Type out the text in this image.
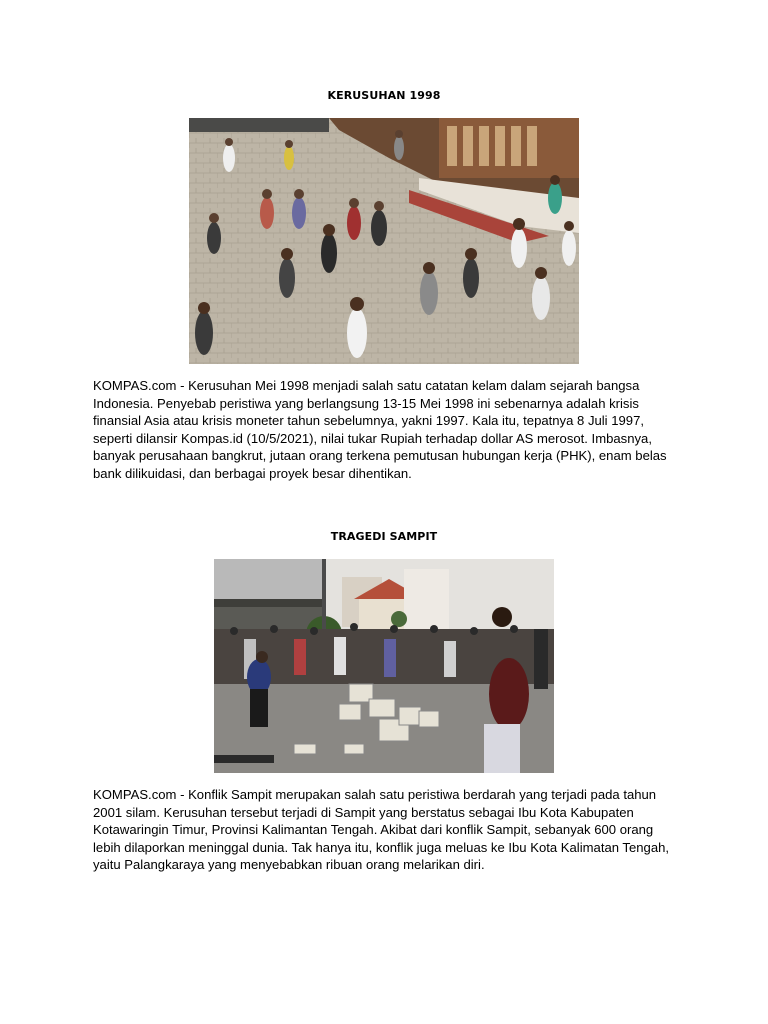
KERUSUHAN 1998
KOMPAS.com - Kerusuhan Mei 1998 menjadi salah satu catatan kelam dalam sejarah bangsa Indonesia. Penyebab peristiwa yang berlangsung 13-15 Mei 1998 ini sebenarnya adalah krisis finansial Asia atau krisis moneter tahun sebelumnya, yakni 1997. Kala itu, tepatnya 8 Juli 1997, seperti dilansir Kompas.id (10/5/2021), nilai tukar Rupiah terhadap dollar AS merosot. Imbasnya, banyak perusahaan bangkrut, jutaan orang terkena pemutusan hubungan kerja (PHK), enam belas bank dilikuidasi, dan berbagai proyek besar dihentikan.
TRAGEDI SAMPIT
KOMPAS.com - Konflik Sampit merupakan salah satu peristiwa berdarah yang terjadi pada tahun 2001 silam. Kerusuhan tersebut terjadi di Sampit yang berstatus sebagai Ibu Kota Kabupaten Kotawaringin Timur, Provinsi Kalimantan Tengah. Akibat dari konflik Sampit, sebanyak 600 orang lebih dilaporkan meninggal dunia. Tak hanya itu, konflik juga meluas ke Ibu Kota Kalimatan Tengah, yaitu Palangkaraya yang menyebabkan ribuan orang melarikan diri.
